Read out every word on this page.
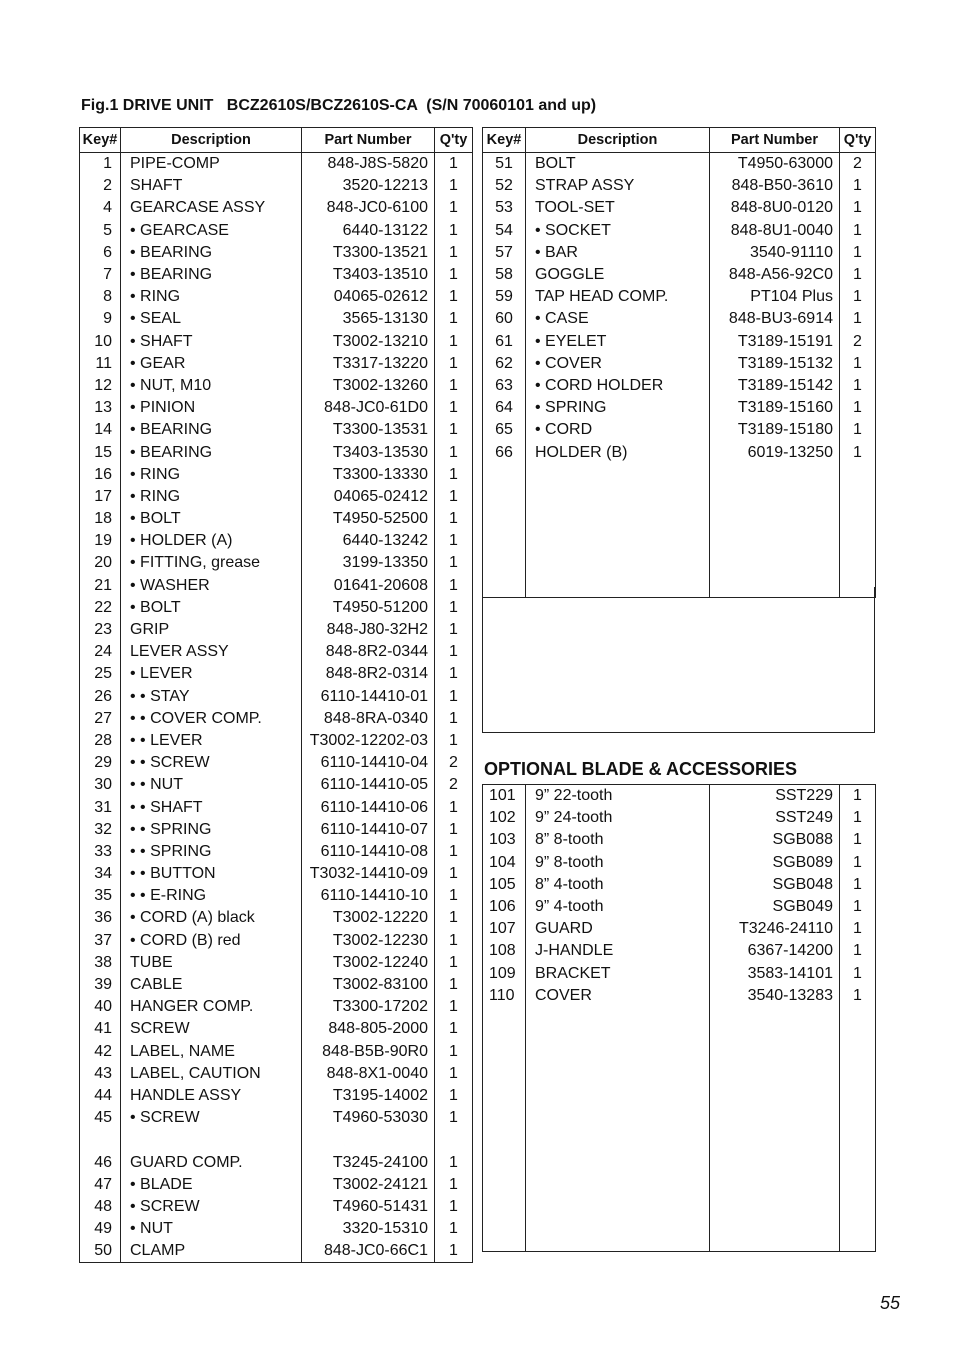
Fig.1 DRIVE UNIT   BCZ2610S/BCZ2610S-CA  (S/N 70060101 and up)
Key#	Description	Part Number	Q'ty
1	PIPE-COMP	848-J8S-5820	1
2	SHAFT	3520-12213	1
4	GEARCASE ASSY	848-JC0-6100	1
5	• GEARCASE	6440-13122	1
6	• BEARING	T3300-13521	1
7	• BEARING	T3403-13510	1
8	• RING	04065-02612	1
9	• SEAL	3565-13130	1
10	• SHAFT	T3002-13210	1
11	• GEAR	T3317-13220	1
12	• NUT, M10	T3002-13260	1
13	• PINION	848-JC0-61D0	1
14	• BEARING	T3300-13531	1
15	• BEARING	T3403-13530	1
16	• RING	T3300-13330	1
17	• RING	04065-02412	1
18	• BOLT	T4950-52500	1
19	• HOLDER (A)	6440-13242	1
20	• FITTING, grease	3199-13350	1
21	• WASHER	01641-20608	1
22	• BOLT	T4950-51200	1
23	GRIP	848-J80-32H2	1
24	LEVER ASSY	848-8R2-0344	1
25	• LEVER	848-8R2-0314	1
26	• • STAY	6110-14410-01	1
27	• • COVER COMP.	848-8RA-0340	1
28	• • LEVER	T3002-12202-03	1
29	• • SCREW	6110-14410-04	2
30	• • NUT	6110-14410-05	2
31	• • SHAFT	6110-14410-06	1
32	• • SPRING	6110-14410-07	1
33	• • SPRING	6110-14410-08	1
34	• • BUTTON	T3032-14410-09	1
35	• • E-RING	6110-14410-10	1
36	• CORD (A) black	T3002-12220	1
37	• CORD (B) red	T3002-12230	1
38	TUBE	T3002-12240	1
39	CABLE	T3002-83100	1
40	HANGER COMP.	T3300-17202	1
41	SCREW	848-805-2000	1
42	LABEL, NAME	848-B5B-90R0	1
43	LABEL, CAUTION	848-8X1-0040	1
44	HANDLE ASSY	T3195-14002	1
45	• SCREW	T4960-53030	1

46	GUARD COMP.	T3245-24100	1
47	• BLADE	T3002-24121	1
48	• SCREW	T4960-51431	1
49	• NUT	3320-15310	1
50	CLAMP	848-JC0-66C1	1
Key#	Description	Part Number	Q'ty
51	BOLT	T4950-63000	2
52	STRAP ASSY	848-B50-3610	1
53	TOOL-SET	848-8U0-0120	1
54	• SOCKET	848-8U1-0040	1
57	• BAR	3540-91110	1
58	GOGGLE	848-A56-92C0	1
59	TAP HEAD COMP.	PT104 Plus	1
60	• CASE	848-BU3-6914	1
61	• EYELET	T3189-15191	2
62	• COVER	T3189-15132	1
63	• CORD HOLDER	T3189-15142	1
64	• SPRING	T3189-15160	1
65	• CORD	T3189-15180	1
66	HOLDER (B)	6019-13250	1

OPTIONAL BLADE & ACCESSORIES
101	9” 22-tooth	SST229	1
102	9” 24-tooth	SST249	1
103	8” 8-tooth	SGB088	1
104	9” 8-tooth	SGB089	1
105	8” 4-tooth	SGB048	1
106	9” 4-tooth	SGB049	1
107	GUARD	T3246-24110	1
108	J-HANDLE	6367-14200	1
109	BRACKET	3583-14101	1
110	COVER	3540-13283	1

55
